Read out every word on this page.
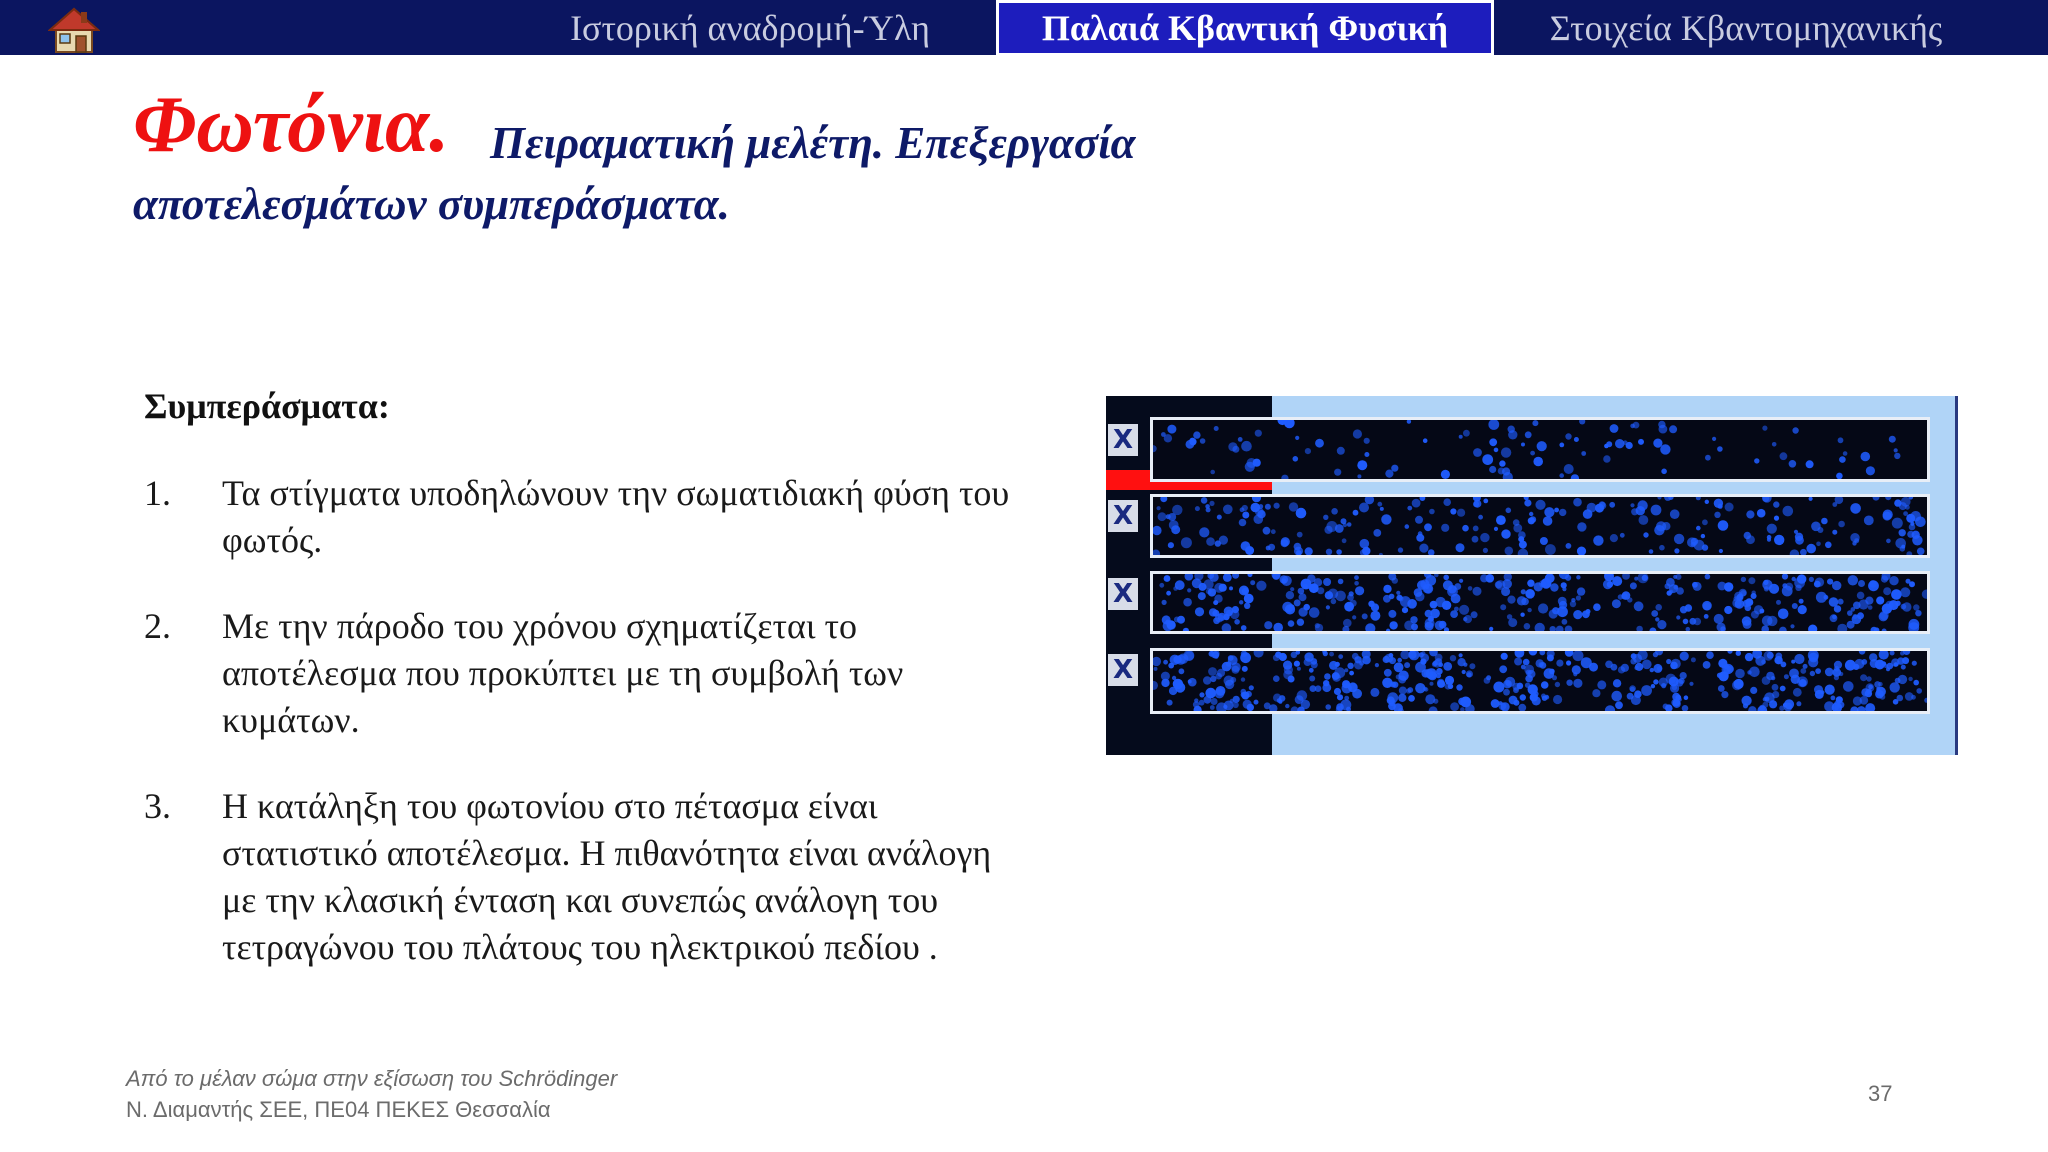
Ιστορική αναδρομή-Ύλη	Παλαιά Κβαντική Φυσική	Στοιχεία Κβαντομηχανικής
Φωτόνια. Πειραματική μελέτη. Επεξεργασία
αποτελεσμάτων συμπεράσματα.
Συμπεράσματα:
1.	Τα στίγματα υποδηλώνουν την σωματιδιακή φύση του φωτός.
2.	Με την πάροδο του χρόνου σχηματίζεται το αποτέλεσμα που προκύπτει με τη συμβολή των κυμάτων.
3.	Η κατάληξη του φωτονίου στο πέτασμα είναι στατιστικό αποτέλεσμα. Η πιθανότητα είναι ανάλογη με την κλασική ένταση και συνεπώς ανάλογη του τετραγώνου του πλάτους του ηλεκτρικού πεδίου .
X
X
X
X
Από το μέλαν σώμα στην εξίσωση του Schrödinger
Ν. Διαμαντής ΣΕΕ, ΠΕ04 ΠΕΚΕΣ Θεσσαλία
37
